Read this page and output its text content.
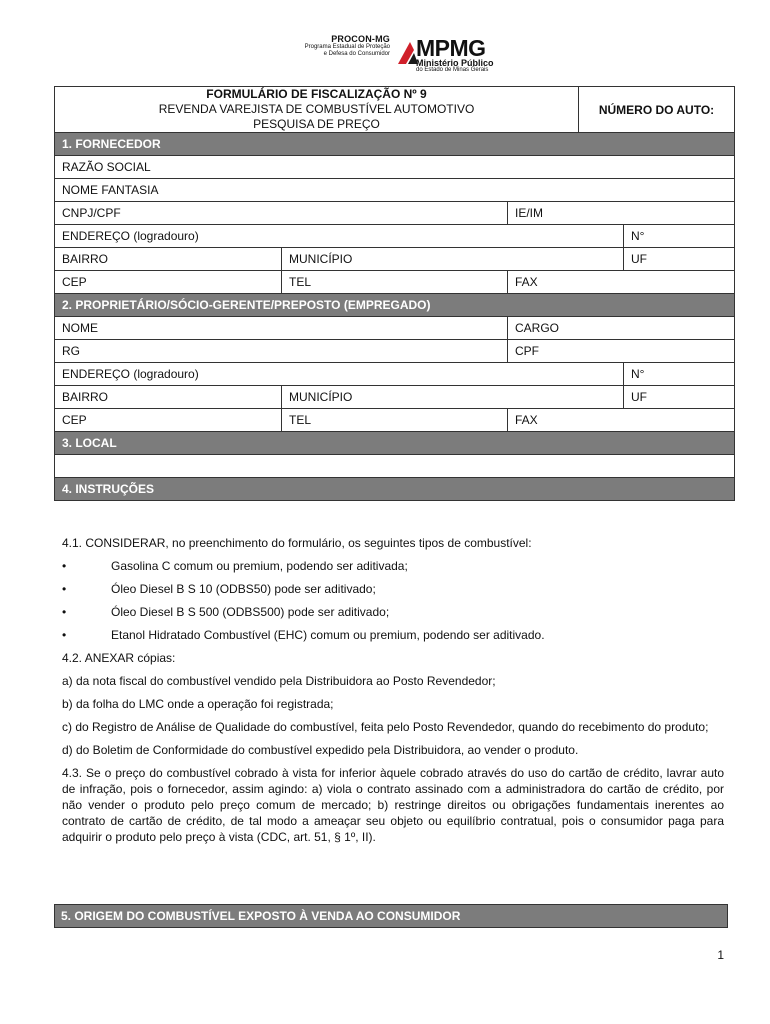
PROCON-MG
Programa Estadual de Proteção
e Defesa do Consumidor MPMG
Ministério Público
do Estado de Minas Gerais
FORMULÁRIO DE FISCALIZAÇÃO Nº 9
REVENDA VAREJISTA DE COMBUSTÍVEL AUTOMOTIVO
PESQUISA DE PREÇO			NÚMERO DO AUTO:	
1. FORNECEDOR				
RAZÃO SOCIAL				
NOME FANTASIA				
CNPJ/CPF		IE/IM		
ENDEREÇO (logradouro)				N°
BAIRRO	MUNICÍPIO			UF
CEP	TEL	FAX		
2. PROPRIETÁRIO/SÓCIO-GERENTE/PREPOSTO (EMPREGADO)				
NOME		CARGO		
RG		CPF		
ENDEREÇO (logradouro)				N°
BAIRRO	MUNICÍPIO			UF
CEP	TEL	FAX		
3. LOCAL				

4. INSTRUÇÕES				

4.1. CONSIDERAR, no preenchimento do formulário, os seguintes tipos de combustível:

•	Gasolina C comum ou premium, podendo ser aditivada;
•	Óleo Diesel B S 10 (ODBS50) pode ser aditivado;
•	Óleo Diesel B S 500 (ODBS500) pode ser aditivado;
•	Etanol Hidratado Combustível (EHC) comum ou premium, podendo ser aditivado.

4.2. ANEXAR cópias:

a) da nota fiscal do combustível vendido pela Distribuidora ao Posto Revendedor;

b) da folha do LMC onde a operação foi registrada;

c) do Registro de Análise de Qualidade do combustível, feita pelo Posto Revendedor, quando do recebimento do produto;

d) do Boletim de Conformidade do combustível expedido pela Distribuidora, ao vender o produto.

4.3. Se o preço do combustível cobrado à vista for inferior àquele cobrado através do uso do cartão de crédito, lavrar auto de infração, pois o fornecedor, assim agindo: a) viola o contrato assinado com a administradora do cartão de crédito, por não vender o produto pelo preço comum de mercado; b) restringe direitos ou obrigações fundamentais inerentes ao contrato de cartão de crédito, de tal modo a ameaçar seu objeto ou equilíbrio contratual, pois o consumidor paga para adquirir o produto pelo preço à vista (CDC, art. 51, § 1º, II).

5. ORIGEM DO COMBUSTÍVEL EXPOSTO À VENDA AO CONSUMIDOR
1
